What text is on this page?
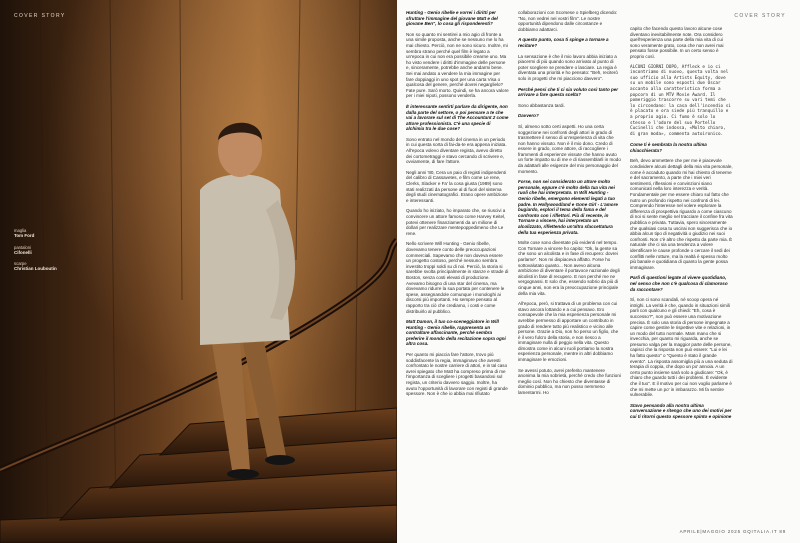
COVER STORY
maglia
Tom Ford
pantaloni
Cifonelli
scarpe
Christian Louboutin
COVER STORY

Hunting - Genio ribelle e vorrei i diritti per sfruttare l'immagine del giovane Matt e del giovane Ben", lo cosa gli risponderesti?

Non so quanto mi sentirei a mio agio di fronte a una simile proposta, anche se nessuno me lo ha mai chiesto. Perciò, non ne sono sicuro. Inoltre, mi sembra strano perché quel film è legato a un'epoca in cui non era possibile crearne uno. Ma ho visto vendere i diritti d'immagine delle persone e, sinceramente, potrebbe anche andarmi bene. Sei mai andato a vendere la mia immagine per fare doppiaggi in uno spot per una carta Visa o qualcosa del genere, perché dovrei negarglielo? Fate pure. Sarò morto. Quindi, se ha ancora valore per i miei nipoti, possono venderla.

È interessante sentirti parlare da dirigente, non dalla parte del settore, o poi pensare a te che vai a lavorare sul set di The Accountant 2 come attore professionista. C'è una specie di alchimia tra le due cose?

Sono entrato nel mondo del cinema in un periodo in cui questa sorta di fai-da-te era appena iniziata. All'epoca volevo diventare regista, avevo diretto dei cortometraggi e stavo cercando di scrivere e, ovviamente, di fare l'attore.

Negli anni '80, Cera un paio di registi indipendenti del calibro di Cassavetes, e film come Le rene, Clerks, Slacker e Fa' la cosa giusta (1989) sono stati realizzati da persone al di fuori del sistema degli studi cinematografici. Erano opere ambiziose e interessanti.

Quando ho iniziato, ho imparato che, se riuscivi a convincere un attore famoso come Harvey Keitel, potevi ottenere finanziamenti da un milione di dollari per realizzare mentepoppedimeno che Le rene.

Nello scrivere Will Hunting - Genio ribelle, dovevamo tenere conto delle preoccupazioni commerciali. Sapevamo che non doveva essere un progetto costoso, perché nessuno sembra investito troppi soldi su di noi. Perciò, la storia si sarebbe svolta principalmente in stanze e strade di Boston, senza costi elevati di produzione. Avevamo bisogno di una star del cinema, ma dovevamo ridurre la sua portata per contenere le spese, assegnandole comunque i monologhi ai discorsi più importanti. Ho sempre pensato al rapporto tra ciò che crediamo, i costi e come distribuirlo al pubblico.

Matt Damon, il tuo co-sceneggiatore in Will Hunting - Genio ribelle, rappresenta un contraltare affascinante, perché sembra preferire il mondo della recitazione sopra ogni altra cosa.

Per quanto mi piaccia fare l'attore, trovo più soddisfacente la regia, immaginavo che avresti confrontato le nostre carriere di attori, e in tal caso avrei spiegato che Matt ha compreso prima di me l'importanza di scegliere i progetti basandosi sul regista, un criterio davvero saggio. Inoltre, ha avuto l'opportunità di lavorare con registi di grande spessore. Non è che io abbia mai rifiutato

collaborazioni con Scorsese o Spielberg dicendo: "No, non vedrei nei vostri film". Le nostre opportunità dipendono dalle circostanze e dobbiamo adattarci.

A questo punto, cosa ti spinge a tornare a recitare?

La sensazione è che il mio lavoro abbia iniziato a piacermi di più quando sono arrivato al punto di poter scegliere se prendere o lasciare. La regia è diventata una priorità e ho pensato: "Beh, reciterò solo in progetti che mi piacciono davvero".

Perché pensi che ti ci sia voluto così tanto per arrivare a fare questa scelta?

Sono abbastanza tardi.

Davvero?

Sì, almeno sotto certi aspetti. Ho una certa soggezione nei confronti degli attori in grado di trasmettere il senso di un'esperienza di vita che non hanno vissuto. Non è il mio dono. Credo di essere in grado, come attore, di raccogliere i frammenti di esperienze vissute che hanno avuto un forte impatto su di me e di riassemblarli in modo da adattarli alle esigenze del mio personaggio del momento.

Forse, non sei considerato un attore molto personale, eppure c'è molto della tua vita nei ruoli che hai interpretato. In Will Hunting - Genio ribelle, emergono elementi legati a tuo padre. In Hollywoodland e Gone Girl - L'amore bugiardo, esplori il tema della fama e del confronto con i riflettori. Più di recente, in Tornare a vincere, hai interpretato un alcolizzato, riflettendo un'altra sfaccettatura della tua esperienza privata.

Molte cose sono diventate più evidenti nel tempo. Con Tornare a vincere ho capito: "Ok, la gente sa che sono un alcolista e in fase di recupero: dovrei parlarne". Non mi dispiaceva affatto. Forse ho sottovalutato quanto... Non avevo alcuna ambizione di diventare il portavoce nazionale degli alcolisti in fase di recupero. E non perché me ne vergognassi. E solo che, essendo sobrio da più di cinque anni, non era la preoccupazione principale della mia vita.

All'epoca, però, si trattava di un problema con cui stavo ancora lottando e a cui pensavo. Ero consapevole che la mia esperienza personale mi avrebbe permesso di apportare un contributo in grado di rendere tutto più realistico e vicino alle persone. Grazie a Dio, non ho perso un figlio, che è il vero fulcro della storia, e non riesco a immaginare nulla di peggio nella vita. Questo dimostra come in alcuni ruoli portiamo la nostra esperienza personale, mentre in altri dobbiamo immaginare le emozioni.

Se avessi potuto, avrei preferito mantenere anonima la mia sobrietà, perché credo che funzioni meglio così. Non ho chiesto che diventasse di dominio pubblico, ma non posso nemmeno lamentarmi. Ho

capito che facendo questo lavoro alcune cose diventano inevitabilmente note. Ora considero quell'esperienza una parte della mia vita di cui sono veramente grato, cosa che non avrei mai pensato fosse possibile. In un certo senso è proprio così.

ALCUNI GIORNI DOPO, Affleck e io ci incontriamo di nuovo, questa volta nel suo ufficio alla Artists Equity, dove su un mobile sono esposti due Oscar accanto alla caratteristica forma a popcorn di un MTV Movie Award. Il pomeriggio trascorre su vari temi che lo circondano: la casa dell'incendio si è placato e ora siede più tranquillo e a proprio agio. Ci fumo è solo lo stesso e l'odore del suo Portello Cucinelli che indossa, «Molto chiaro, di gran moda», commenta autoironico.

Come ti è sembrata la nostra ultima chiacchierata?

Beh, devo ammettere che per me è piacevole condividere alcuni dettagli della mia vita personale, come è accaduto quando mi hai chiesto di tenerne e del sacramento, a parte che i miei veri sentimenti, riflessioni e convinzioni siano comunicati nella loro interezza e verità. Fondamentale per me essere chiaro sul fatto che nutro un profondo rispetto nei confronti di lei. Comprendo l'interesse nel volere esplorare la differenza di prospettiva riguardo a come ciascuno di noi si sente meglio nel tracciare il confine fra vita pubblica e privata. Tuttavia, spero sinceramente che qualsiasi cosa tu uscirai non suggerisca che io abbia alcun tipo di negatività o giudizio nei suoi confronti. Non c'è altro che rispetto da parte mia. È naturale che ci sia una tendenza a volere identificare le cause profonde o cercare il sedi dei conflitti nelle rotture, ma la realtà è spesso molto più banale e quotidiana di quanto la gente possa immaginare.

Parli di questioni legate al vivere quotidiano, nel senso che non c'è qualcosa di clamoroso da raccontare?

Sì, non ci sono scandali, né scoop opera né intrighi. La verità è che, quando in situazioni simili parli con qualcuno e gli chiedi: "Eh, cosa è successo?", non può essere una motivazione precisa. È solo una storia di persone impegnate a capire come gestire le rispettive vite e relazioni, in un modo del tutto normale. Mam mano che si invecchia, per quanto mi riguarda, anche se presumo valga per la maggior parte delle persone, capisci che la risposta non può essere: "Lui e lei ha fatto questo" o "Questo è stato il grande evento". La risposta assomiglia più a una seduta di terapia di coppia, che dopo un po' annoia. A un certo punto insieme sarà solo a giudicare: "Ok, è chiaro che guardo tutti i dei problemi. È evidente che il tuo". E il motivo per cui non voglio parlarne è che mi mette un po' in imbarazzo. Mi fa sentire vulnerabile.

Stavo pensando alla nostra ultima conversazione e ritengo che uno dei motivi per cui ti ritorni questo spessore spinto e opinione

APRILE|MAGGIO 2025 GQITALIA.IT 89
